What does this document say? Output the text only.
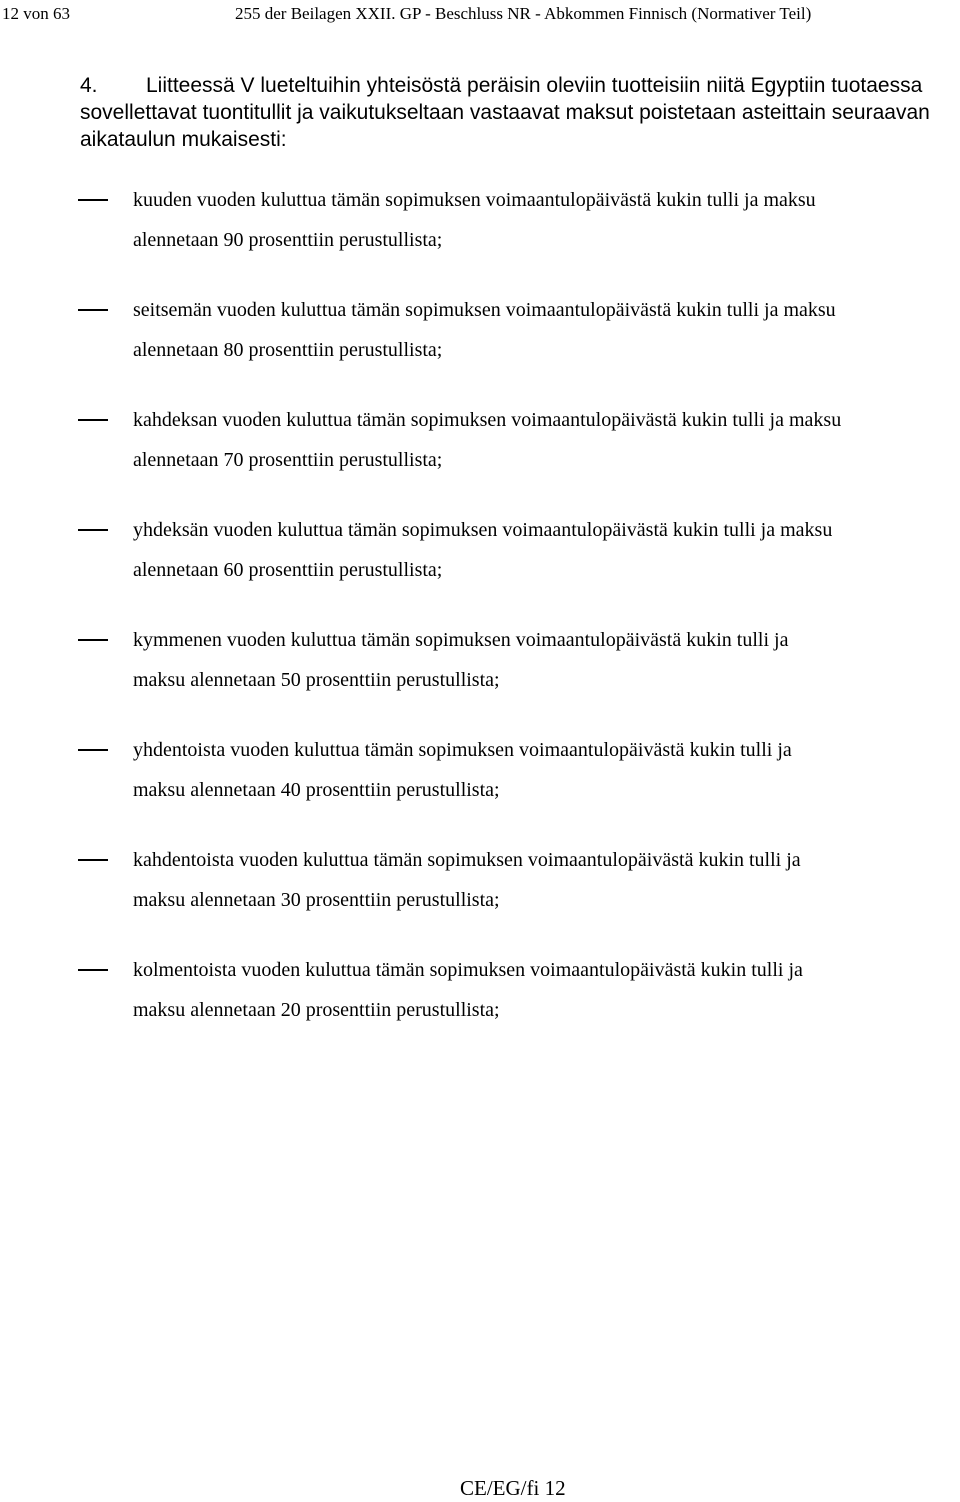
12 von 63	255 der Beilagen XXII. GP - Beschluss NR - Abkommen Finnisch (Normativer Teil)
4. Liitteessä V lueteltuihin yhteisöstä peräisin oleviin tuotteisiin niitä Egyptiin tuotaessa sovellettavat tuontitullit ja vaikutukseltaan vastaavat maksut poistetaan asteittain seuraavan aikataulun mukaisesti:
kuuden vuoden kuluttua tämän sopimuksen voimaantulopäivästä kukin tulli ja maksu
alennetaan 90 prosenttiin perustullista;
seitsemän vuoden kuluttua tämän sopimuksen voimaantulopäivästä kukin tulli ja maksu
alennetaan 80 prosenttiin perustullista;
kahdeksan vuoden kuluttua tämän sopimuksen voimaantulopäivästä kukin tulli ja maksu
alennetaan 70 prosenttiin perustullista;
yhdeksän vuoden kuluttua tämän sopimuksen voimaantulopäivästä kukin tulli ja maksu
alennetaan 60 prosenttiin perustullista;
kymmenen vuoden kuluttua tämän sopimuksen voimaantulopäivästä kukin tulli ja
maksu alennetaan 50 prosenttiin perustullista;
yhdentoista vuoden kuluttua tämän sopimuksen voimaantulopäivästä kukin tulli ja
maksu alennetaan 40 prosenttiin perustullista;
kahdentoista vuoden kuluttua tämän sopimuksen voimaantulopäivästä kukin tulli ja
maksu alennetaan 30 prosenttiin perustullista;
kolmentoista vuoden kuluttua tämän sopimuksen voimaantulopäivästä kukin tulli ja
maksu alennetaan 20 prosenttiin perustullista;
CE/EG/fi 12
